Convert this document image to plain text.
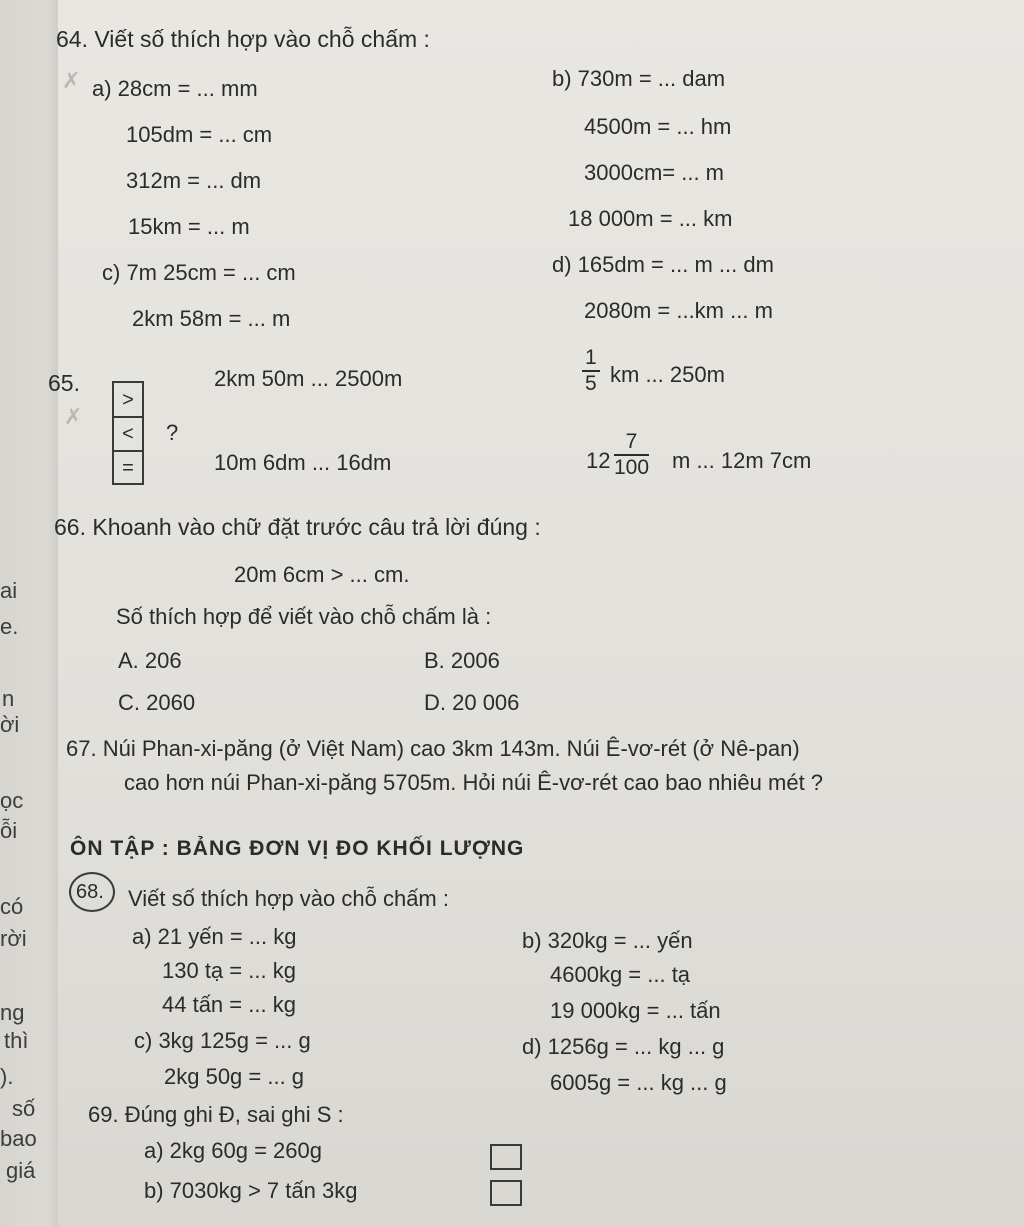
ai
e.
n
ời
ọc
ỗi
có
rời
ng
thì
).
số
bao
giá
✗
✗
64. Viết số thích hợp vào chỗ chấm :
a) 28cm = ... mm
105dm = ... cm
312m = ... dm
15km = ... m
b) 730m = ... dam
4500m = ... hm
3000cm= ... m
18 000m = ... km
c) 7m 25cm = ... cm
2km 58m = ... m
d) 165dm = ... m ... dm
2080m = ...km ... m
65.
>
<
=
?
2km 50m ... 2500m	$\frac{1}{5}$ km ... 250m
10m 6dm ... 16dm	$12 \frac{7}{100}$ m ... 12m 7cm
66. Khoanh vào chữ đặt trước câu trả lời đúng :
20m 6cm > ... cm.
Số thích hợp để viết vào chỗ chấm là :
A. 206	B. 2006
C. 2060	D. 20 006
67. Núi Phan-xi-păng (ở Việt Nam) cao 3km 143m. Núi Ê-vơ-rét (ở Nê-pan)
cao hơn núi Phan-xi-păng 5705m. Hỏi núi Ê-vơ-rét cao bao nhiêu mét ?
ÔN TẬP : BẢNG ĐƠN VỊ ĐO KHỐI LƯỢNG
68. Viết số thích hợp vào chỗ chấm :
a) 21 yến = ... kg
130 tạ = ... kg
44 tấn = ... kg
b) 320kg = ... yến
4600kg = ... tạ
19 000kg = ... tấn
c) 3kg 125g = ... g
2kg 50g = ... g
d) 1256g = ... kg ... g
6005g = ... kg ... g
69. Đúng ghi Đ, sai ghi S :
a) 2kg 60g = 260g
b) 7030kg > 7 tấn 3kg
